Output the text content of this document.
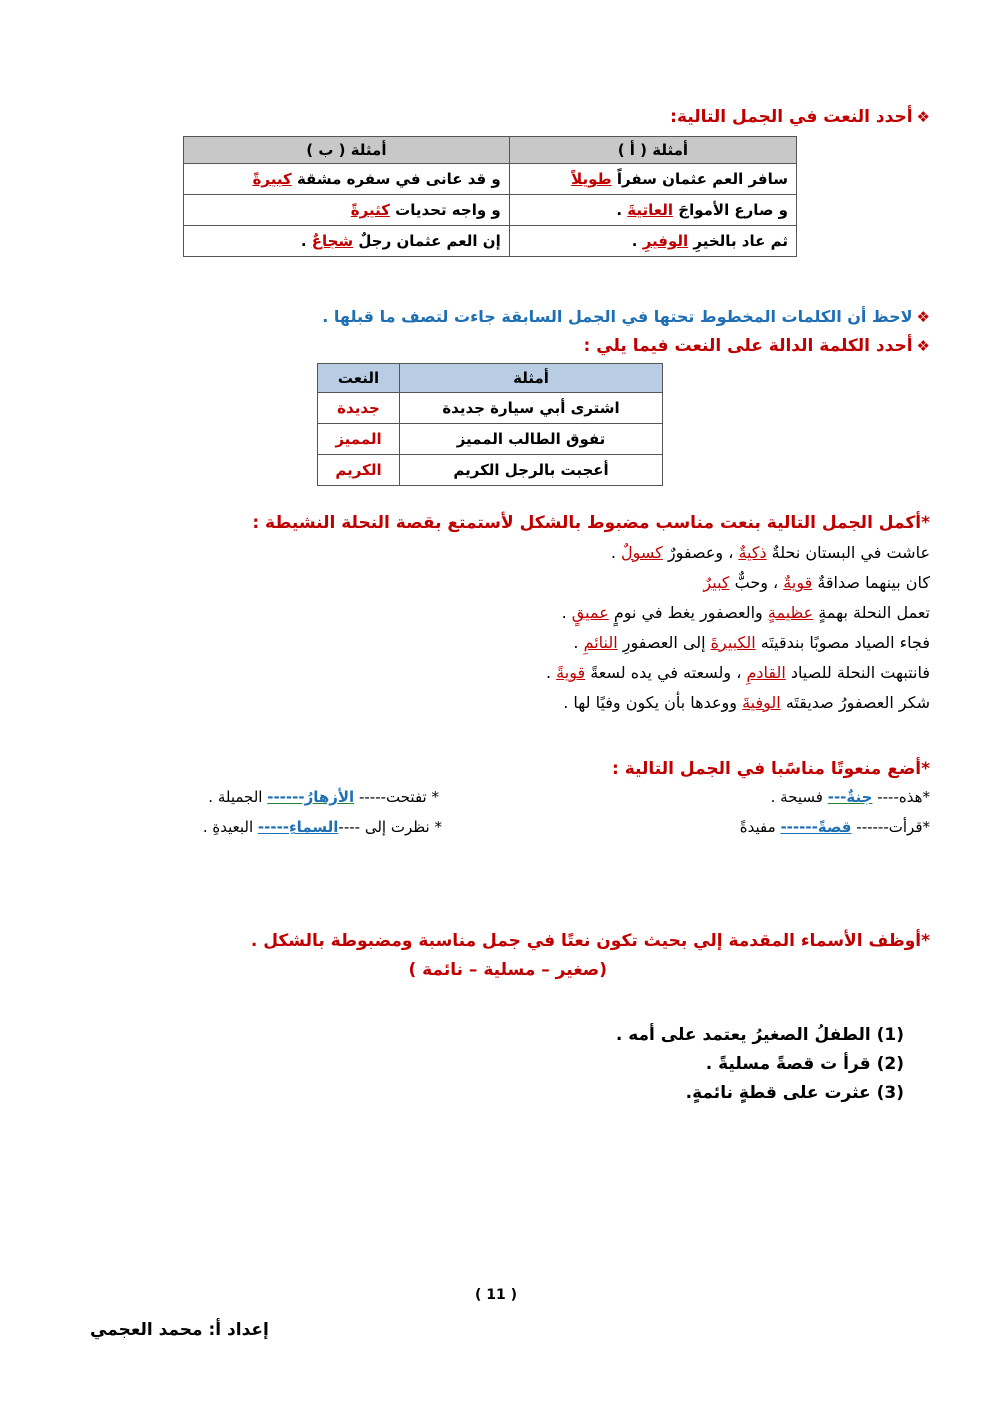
❖أحدد النعت في الجمل التالية:
أمثلة ( أ )	أمثلة ( ب )
سافر العم عثمان سفراً طويلاً	و قد عانى في سفره مشقة كبيرةً
و صارع الأمواجَ العاتيةَ .	و واجه تحديات كثيرةً
ثم عاد بالخيرِ الوفيرِ .	إن العم عثمان رجلٌ شجاعٌ .
❖لاحظ أن الكلمات المخطوط تحتها في الجمل السابقة جاءت لتصف ما قبلها .
❖أحدد الكلمة الدالة على النعت فيما يلي :
أمثلة	النعت
اشترى أبي سيارة جديدة	جديدة
تفوق الطالب المميز	المميز
أعجبت بالرجل الكريم	الكريم
*أكمل الجمل التالية بنعت مناسب مضبوط بالشكل لأستمتع بقصة النحلة النشيطة :
عاشت في البستان نحلةٌ ذكيةٌ ، وعصفورٌ كسولٌ .
كان بينهما صداقةٌ قويةٌ ، وحبٌّ كبيرٌ
تعمل النحلة بهمةٍ عظيمةٍ والعصفور يغط في نومٍ عميقٍ .
فجاء الصياد مصوبًا بندقيتَه الكبيرةَ إلى العصفورِ النائمِ .
فانتبهت النحلة للصياد القادمِ ، ولسعته في يده لسعةً قويةً .
شكر العصفورُ صديقتَه الوفيةَ ووعدها بأن يكون وفيًا لها .
*أضع منعوتًا مناسًبا في الجمل التالية :
*هذه---- جنةٌ--- فسيحة .
* تفتحت----- الأزهارُ------ الجميلة .
*قرأت------ قصةً------ مفيدةً
* نظرت إلى ----السماءِ----- البعيدةِ .
*أوظف الأسماء المقدمة إلي بحيث تكون نعتًا في جمل مناسبة ومضبوطة بالشكل .
(صغير – مسلية – نائمة )
(1) الطفلُ الصغيرُ يعتمد على أمه .
(2) قرأ ت قصةً مسليةً .
(3) عثرت على قطةٍ نائمةٍ.
( 11 )
إعداد أ: محمد العجمي
